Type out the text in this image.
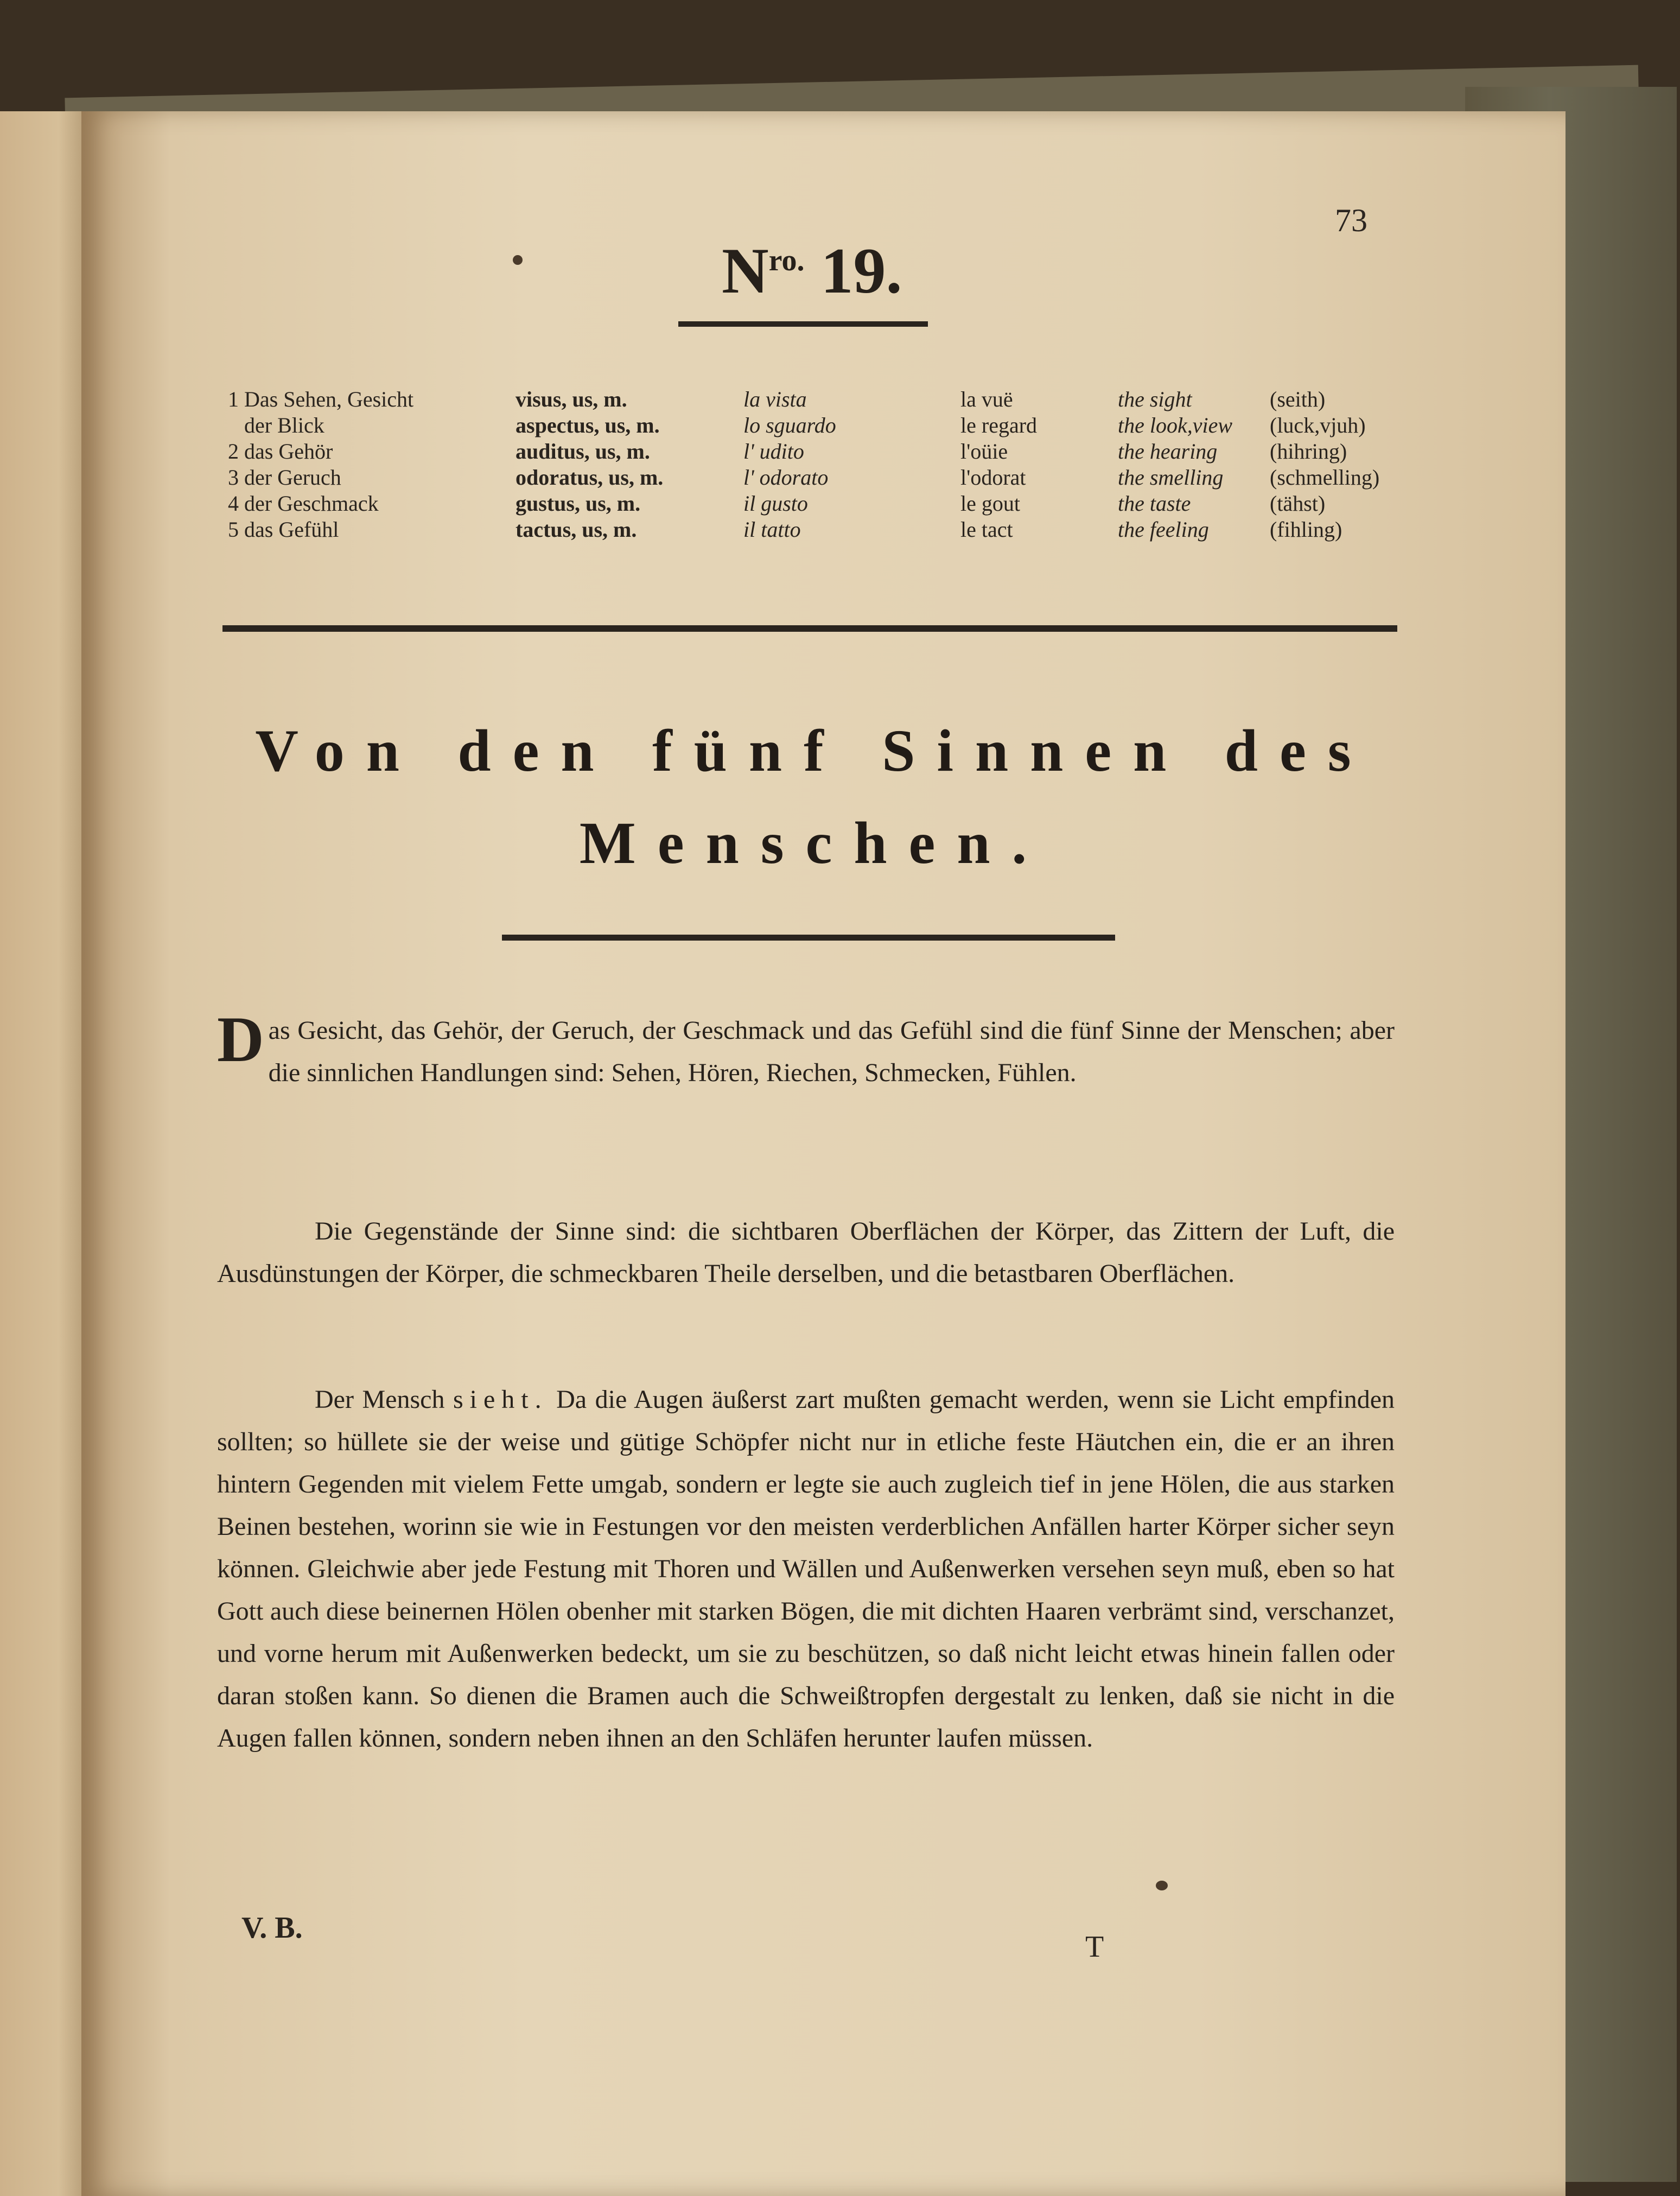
73
$N^{ro.}$ 19.
1 Das Sehen, Gesicht	visus, us, m.	la vista	la vuë	the sight	(seith)
der Blick	aspectus, us, m.	lo sguardo	le regard	the look,view (luck,vjuh)
2 das Gehör	auditus, us, m.	l' udito	l'oüie	the hearing (hihring)
3 der Geruch	odoratus, us, m.	l' odorato	l'odorat	the smelling (schmelling)
4 der Geschmack	gustus, us, m.	il gusto	le gout	the taste	(tähst)
5 das Gefühl	tactus, us, m.	il tatto	le tact	the feeling	(fihling)
Von den fünf Sinnen des
Menschen.
Das Gesicht, das Gehör, der Geruch, der Geschmack und das Gefühl sind die fünf Sinne der Menschen; aber die sinnlichen Handlungen sind: Sehen, Hören, Riechen, Schmecken, Fühlen.
Die Gegenstände der Sinne sind: die sichtbaren Oberflächen der Körper, das Zittern der Luft, die Ausdünstungen der Körper, die schmeckbaren Theile derselben, und die betastbaren Oberflächen.
Der Mensch sieht. Da die Augen äußerst zart mußten gemacht werden, wenn sie Licht empfinden sollten; so hüllete sie der weise und gütige Schöpfer nicht nur in etliche feste Häutchen ein, die er an ihren hintern Gegenden mit vielem Fette umgab, sondern er legte sie auch zugleich tief in jene Hölen, die aus starken Beinen bestehen, worinn sie wie in Festungen vor den meisten verderblichen Anfällen harter Körper sicher seyn können. Gleichwie aber jede Festung mit Thoren und Wällen und Außenwerken versehen seyn muß, eben so hat Gott auch diese beinernen Hölen obenher mit starken Bögen, die mit dichten Haaren verbrämt sind, verschanzet, und vorne herum mit Außenwerken bedeckt, um sie zu beschützen, so daß nicht leicht etwas hinein fallen oder daran stoßen kann. So dienen die Bramen auch die Schweißtropfen dergestalt zu lenken, daß sie nicht in die Augen fallen können, sondern neben ihnen an den Schläfen herunter laufen müssen.
V. B.
T
